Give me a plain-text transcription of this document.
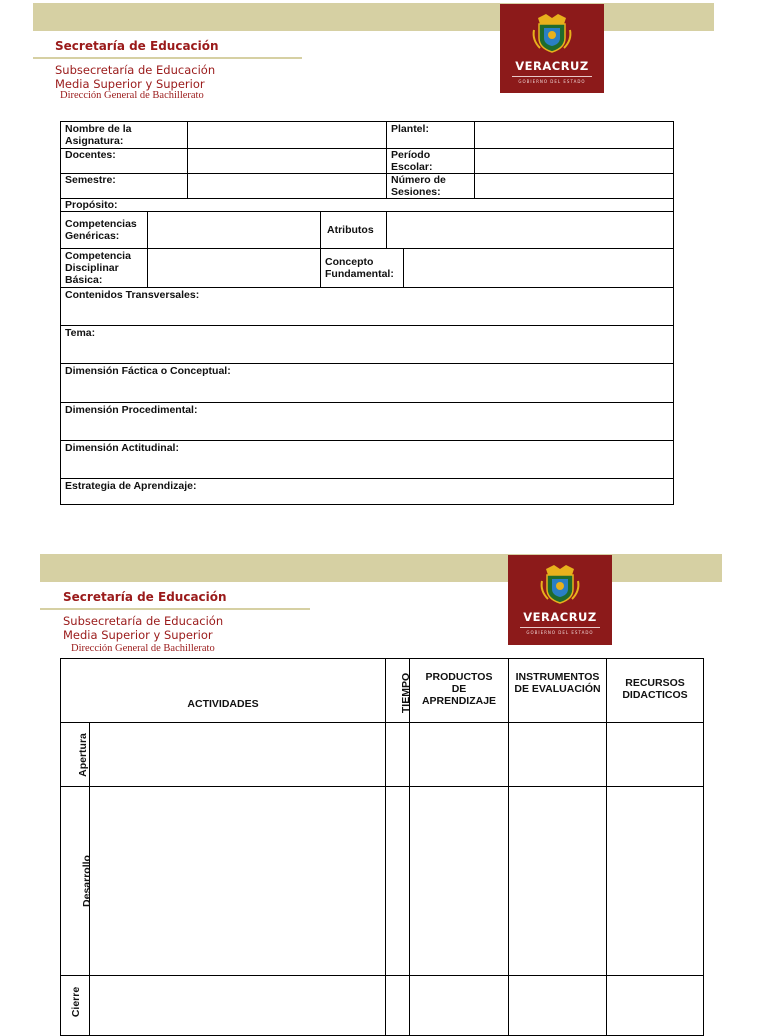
Secretaría de Educación
Subsecretaría de Educación
Media Superior y Superior
Dirección General de Bachillerato
VERACRUZ
GOBIERNO DEL ESTADO
Nombre de la Asignatura:				Plantel:		
Docentes:				Período Escolar:		
Semestre:				Número de Sesiones:		
Propósito:						
Competencias Genéricas:			Atributos			
Competencia Disciplinar Básica:			Concepto Fundamental:			
Contenidos Transversales:						
Tema:						
Dimensión Fáctica o Conceptual:						
Dimensión Procedimental:						
Dimensión Actitudinal:						
Estrategia de Aprendizaje:						
Secretaría de Educación
Subsecretaría de Educación
Media Superior y Superior
Dirección General de Bachillerato
VERACRUZ
GOBIERNO DEL ESTADO
ACTIVIDADES		TIEMPO	PRODUCTOS DE APRENDIZAJE	INSTRUMENTOS DE EVALUACIÓN	RECURSOS DIDACTICOS
Apertura					
Desarrollo					
Cierre					
